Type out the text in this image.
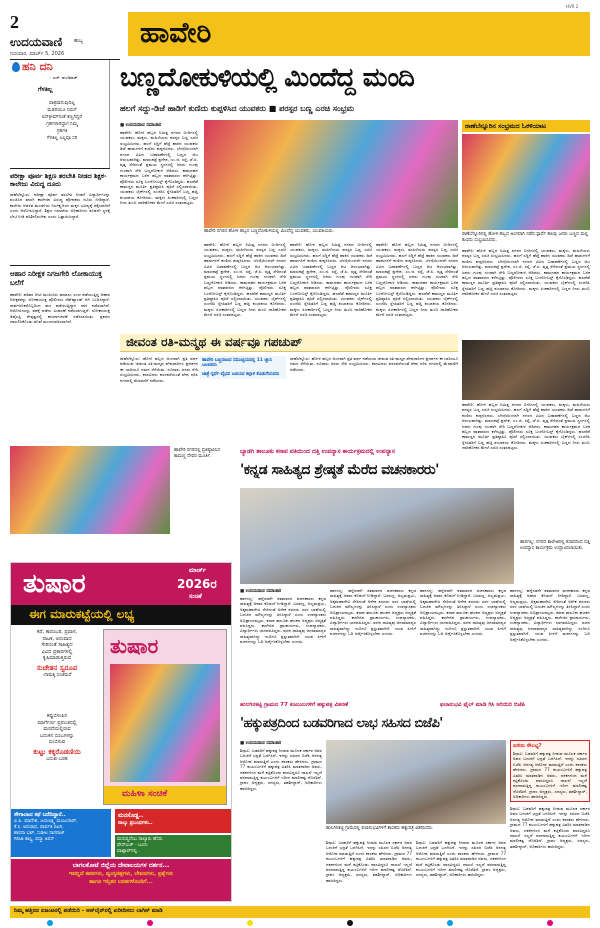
2
ಉದಯವಾಣಿ ಹುಬ್ಬ
ಗುರುವಾರ, ಮಾರ್ಚ್ 5, 2026
ಹಾವೇರಿ
HVR 2
ಹನಿ ದನಿ
- ಎಚ್. ಡುಂಡಿರಾಜ್
ಗೆಳತಿಲ್ಲ
ಪಾತ್ರವಾಗುವುದಿಲ್ಲ
ಮಡದಿಯೂ ನಿಮಗೆ
ಐಸ್‌ಕ್ರೀಮ್‌ನಂತೆ ತಣ್ಣಗಿದ್ದರೆ
ಗ್ರಹಗಳಾಗಿದ್ದಾಗ ನಿಮ್ಮ
ಗ್ರಹಗತಿ
ಗೆಳತಿಲ್ಲ ಎಲ್ಲವೂ ಸರಿ
ಬಣ್ಣದೋಕುಳಿಯಲ್ಲಿ ಮಿಂದೆದ್ದ ಮಂದಿ
ಹಲಗೆ ಸದ್ದು-ಡಿಜೆ ಹಾಡಿಗೆ ಕುಣಿದು ಕುಪ್ಪಳಿಸಿದ ಯುವಕರು ■ ಪರಸ್ಪರ ಬಣ್ಣ ಎರಚಿ ಸಂಭ್ರಮ
ಪರೀಕ್ಷಾ ಪೂರ್ವ ಶಿಕ್ಷಣ ತರಬೇತಿ ನೀಡದ ಶಿಕ್ಷಕ-ಕಾಲೇಜು ವಿರುದ್ಧ ದೂರು
ರಾಣೆಬೆನ್ನೂರು: ಪರೀಕ್ಷಾ ಪೂರ್ವ ತರಬೇತಿ ನೀಡದೆ ವಿದ್ಯಾರ್ಥಿಗಳನ್ನು ವಂಚಿಸಿದ ಖಾಸಗಿ ಕಾಲೇಜಿನ ವಿರುದ್ಧ ಪೋಷಕರು ದೂರು ನೀಡಿದ್ದಾರೆ. ಕಾಲೇಜು ಆಡಳಿತ ಮಂಡಳಿಯ ನಿರ್ಲಕ್ಷ್ಯದಿಂದ ಮಕ್ಕಳ ಭವಿಷ್ಯಕ್ಕೆ ಧಕ್ಕೆಯಾಗಿದೆ ಎಂದು ಆರೋಪಿಸಿದ್ದಾರೆ. ಶಿಕ್ಷಣ ಇಲಾಖೆಯ ಅಧಿಕಾರಿಗಳು ಕೂಡಲೇ ಸ್ಥಳಕ್ಕೆ ಭೇಟಿ ನೀಡಿ ಪರಿಶೀಲಿಸಬೇಕು ಎಂದು ಒತ್ತಾಯಿಸಿದ್ದಾರೆ.
ಆಹಾರ ನಿರೀಕ್ಷಕ ನಿಗಜಗೇರಿ ಲೋಕಾಯುಕ್ತ ಬಲೆಗೆ
ಹಾವೇರಿ: ಪಡಿತರ ಚೀಟಿ ಮಂಜೂರು ಮಾಡಲು ಲಂಚ ಪಡೆಯುತ್ತಿದ್ದ ಆಹಾರ ನಿರೀಕ್ಷಕರನ್ನು ಲೋಕಾಯುಕ್ತ ಪೊಲೀಸರು ರೆಡ್‌ಹ್ಯಾಂಡ್ ಆಗಿ ಬಂಧಿಸಿದ್ದಾರೆ. ಸಾರ್ವಜನಿಕರೊಬ್ಬರಿಂದ ಹಣ ಪಡೆಯುತ್ತಿದ್ದಾಗ ದಾಳಿ ನಡೆಸಲಾಗಿದೆ. ಆರೋಪಿಯನ್ನು ವಶಕ್ಕೆ ಪಡೆದು ವಿಚಾರಣೆ ನಡೆಸಲಾಗುತ್ತಿದೆ. ಲೋಕಾಯುಕ್ತ ಡಿವೈಎಸ್ಪಿ ನೇತೃತ್ವದಲ್ಲಿ ಕಾರ್ಯಾಚರಣೆ ನಡೆಸಲಾಯಿತು. ಪ್ರಕರಣ ದಾಖಲಿಸಿಕೊಂಡು ತನಿಖೆ ಮುಂದುವರಿಸಲಾಗಿದೆ.
■ ಉದಯವಾಣಿ ಸಮಾಚಾರ
ಹಾವೇರಿ: ಹೋಳಿ ಹಬ್ಬದ ನಿಮಿತ್ತ ನಗರದ ಬೀದಿಗಳಲ್ಲಿ ಯುವಕರು, ಮಕ್ಕಳು, ಮಹಿಳೆಯರು ಪರಸ್ಪರ ಬಣ್ಣ ಎರಚಿ ಸಂಭ್ರಮಿಸಿದರು. ಹಲಗೆ ಸದ್ದಿಗೆ ಹೆಜ್ಜೆ ಹಾಕಿದ ಯುವಕರು ಡಿಜೆ ಹಾಡುಗಳಿಗೆ ಕುಣಿದು ಕುಪ್ಪಳಿಸಿದರು. ಬೆಳಗ್ಗೆಯಿಂದಲೇ ನಗರದ ವಿವಿಧ ಬಡಾವಣೆಗಳಲ್ಲಿ ಬಣ್ಣದ ಆಟ ಆರಂಭವಾಗಿತ್ತು. ಮಾರುಕಟ್ಟೆ ಪ್ರದೇಶ, ಎಂ.ಜಿ. ರಸ್ತೆ, ಜೆ.ಪಿ. ವೃತ್ತ ಸೇರಿದಂತೆ ಪ್ರಮುಖ ಸ್ಥಳಗಳಲ್ಲಿ ಜನರು ಗುಂಪು ಗುಂಪಾಗಿ ಸೇರಿ ಬಣ್ಣದೋಕುಳಿ ಆಡಿದರು. ಕಾಮದಹನ ಕಾರ್ಯಕ್ರಮದ ಬಳಿಕ ಹಬ್ಬದ ವಾತಾವರಣ ಕಳೆಗಟ್ಟಿತ್ತು. ಪೊಲೀಸರು ಸೂಕ್ತ ಬಂದೋಬಸ್ತ್ ಕೈಗೊಂಡಿದ್ದರು. ಹಲವೆಡೆ ಕಾಮಣ್ಣನ ಮೂರ್ತಿ ಪ್ರತಿಷ್ಠಾಪಿಸಿ ಪೂಜೆ ಸಲ್ಲಿಸಲಾಯಿತು. ಯುವಕರು ಬೈಕ್‌ಗಳಲ್ಲಿ ಸಂಚರಿಸಿ ಸ್ನೇಹಿತರಿಗೆ ಬಣ್ಣ ಹಚ್ಚಿ ಶುಭಾಶಯ ಕೋರಿದರು. ಮಕ್ಕಳು ಪಿಚಕಾರಿಗಳಲ್ಲಿ ಬಣ್ಣದ ನೀರು ತುಂಬಿ ದಾರಿಹೋಕರ ಮೇಲೆ ಎರಚಿ ಸಂತಸಪಟ್ಟರು.
ಹಾವೇರಿ ನಗರದ ಹೋಳಿ ಹಬ್ಬದ ಬಣ್ಣದೋಕುಳಿಯಲ್ಲಿ ಮಿಂದೆದ್ದ ಯುವಕರು, ಯುವತಿಯರು.
ರಾಣೆಬೆನ್ನೂರಿನ ಸಂಭ್ರಮದ ಓಕಳಿಯಾಟ
ರಾಣೆಬೆನ್ನೂರಿನಲ್ಲಿ ಹೋಳಿ ಹಬ್ಬದ ಅಂಗವಾಗಿ ನಡೆದ ಸ್ಪಾರ್ಧೆ ಹಲವು ಜನರು ಬಣ್ಣದ ಮಲ್ಲಿ ಕುಣಿದು ಸಂಭ್ರಮಿಸಿದರು.
ಹಾವೇರಿ: ಹೋಳಿ ಹಬ್ಬದ ನಿಮಿತ್ತ ನಗರದ ಬೀದಿಗಳಲ್ಲಿ ಯುವಕರು, ಮಕ್ಕಳು, ಮಹಿಳೆಯರು ಪರಸ್ಪರ ಬಣ್ಣ ಎರಚಿ ಸಂಭ್ರಮಿಸಿದರು. ಹಲಗೆ ಸದ್ದಿಗೆ ಹೆಜ್ಜೆ ಹಾಕಿದ ಯುವಕರು ಡಿಜೆ ಹಾಡುಗಳಿಗೆ ಕುಣಿದು ಕುಪ್ಪಳಿಸಿದರು. ಬೆಳಗ್ಗೆಯಿಂದಲೇ ನಗರದ ವಿವಿಧ ಬಡಾವಣೆಗಳಲ್ಲಿ ಬಣ್ಣದ ಆಟ ಆರಂಭವಾಗಿತ್ತು. ಮಾರುಕಟ್ಟೆ ಪ್ರದೇಶ, ಎಂ.ಜಿ. ರಸ್ತೆ, ಜೆ.ಪಿ. ವೃತ್ತ ಸೇರಿದಂತೆ ಪ್ರಮುಖ ಸ್ಥಳಗಳಲ್ಲಿ ಜನರು ಗುಂಪು ಗುಂಪಾಗಿ ಸೇರಿ ಬಣ್ಣದೋಕುಳಿ ಆಡಿದರು. ಕಾಮದಹನ ಕಾರ್ಯಕ್ರಮದ ಬಳಿಕ ಹಬ್ಬದ ವಾತಾವರಣ ಕಳೆಗಟ್ಟಿತ್ತು. ಪೊಲೀಸರು ಸೂಕ್ತ ಬಂದೋಬಸ್ತ್ ಕೈಗೊಂಡಿದ್ದರು. ಹಲವೆಡೆ ಕಾಮಣ್ಣನ ಮೂರ್ತಿ ಪ್ರತಿಷ್ಠಾಪಿಸಿ ಪೂಜೆ ಸಲ್ಲಿಸಲಾಯಿತು. ಯುವಕರು ಬೈಕ್‌ಗಳಲ್ಲಿ ಸಂಚರಿಸಿ ಸ್ನೇಹಿತರಿಗೆ ಬಣ್ಣ ಹಚ್ಚಿ ಶುಭಾಶಯ ಕೋರಿದರು. ಮಕ್ಕಳು ಪಿಚಕಾರಿಗಳಲ್ಲಿ ಬಣ್ಣದ ನೀರು ತುಂಬಿ ದಾರಿಹೋಕರ ಮೇಲೆ ಎರಚಿ ಸಂತಸಪಟ್ಟರು.
ಹಾವೇರಿ: ಹೋಳಿ ಹಬ್ಬದ ನಿಮಿತ್ತ ನಗರದ ಬೀದಿಗಳಲ್ಲಿ ಯುವಕರು, ಮಕ್ಕಳು, ಮಹಿಳೆಯರು ಪರಸ್ಪರ ಬಣ್ಣ ಎರಚಿ ಸಂಭ್ರಮಿಸಿದರು. ಹಲಗೆ ಸದ್ದಿಗೆ ಹೆಜ್ಜೆ ಹಾಕಿದ ಯುವಕರು ಡಿಜೆ ಹಾಡುಗಳಿಗೆ ಕುಣಿದು ಕುಪ್ಪಳಿಸಿದರು. ಬೆಳಗ್ಗೆಯಿಂದಲೇ ನಗರದ ವಿವಿಧ ಬಡಾವಣೆಗಳಲ್ಲಿ ಬಣ್ಣದ ಆಟ ಆರಂಭವಾಗಿತ್ತು. ಮಾರುಕಟ್ಟೆ ಪ್ರದೇಶ, ಎಂ.ಜಿ. ರಸ್ತೆ, ಜೆ.ಪಿ. ವೃತ್ತ ಸೇರಿದಂತೆ ಪ್ರಮುಖ ಸ್ಥಳಗಳಲ್ಲಿ ಜನರು ಗುಂಪು ಗುಂಪಾಗಿ ಸೇರಿ ಬಣ್ಣದೋಕುಳಿ ಆಡಿದರು. ಕಾಮದಹನ ಕಾರ್ಯಕ್ರಮದ ಬಳಿಕ ಹಬ್ಬದ ವಾತಾವರಣ ಕಳೆಗಟ್ಟಿತ್ತು. ಪೊಲೀಸರು ಸೂಕ್ತ ಬಂದೋಬಸ್ತ್ ಕೈಗೊಂಡಿದ್ದರು. ಹಲವೆಡೆ ಕಾಮಣ್ಣನ ಮೂರ್ತಿ ಪ್ರತಿಷ್ಠಾಪಿಸಿ ಪೂಜೆ ಸಲ್ಲಿಸಲಾಯಿತು. ಯುವಕರು ಬೈಕ್‌ಗಳಲ್ಲಿ ಸಂಚರಿಸಿ ಸ್ನೇಹಿತರಿಗೆ ಬಣ್ಣ ಹಚ್ಚಿ ಶುಭಾಶಯ ಕೋರಿದರು. ಮಕ್ಕಳು ಪಿಚಕಾರಿಗಳಲ್ಲಿ ಬಣ್ಣದ ನೀರು ತುಂಬಿ ದಾರಿಹೋಕರ ಮೇಲೆ ಎರಚಿ ಸಂತಸಪಟ್ಟರು.
ಹಾವೇರಿ: ಹೋಳಿ ಹಬ್ಬದ ನಿಮಿತ್ತ ನಗರದ ಬೀದಿಗಳಲ್ಲಿ ಯುವಕರು, ಮಕ್ಕಳು, ಮಹಿಳೆಯರು ಪರಸ್ಪರ ಬಣ್ಣ ಎರಚಿ ಸಂಭ್ರಮಿಸಿದರು. ಹಲಗೆ ಸದ್ದಿಗೆ ಹೆಜ್ಜೆ ಹಾಕಿದ ಯುವಕರು ಡಿಜೆ ಹಾಡುಗಳಿಗೆ ಕುಣಿದು ಕುಪ್ಪಳಿಸಿದರು. ಬೆಳಗ್ಗೆಯಿಂದಲೇ ನಗರದ ವಿವಿಧ ಬಡಾವಣೆಗಳಲ್ಲಿ ಬಣ್ಣದ ಆಟ ಆರಂಭವಾಗಿತ್ತು. ಮಾರುಕಟ್ಟೆ ಪ್ರದೇಶ, ಎಂ.ಜಿ. ರಸ್ತೆ, ಜೆ.ಪಿ. ವೃತ್ತ ಸೇರಿದಂತೆ ಪ್ರಮುಖ ಸ್ಥಳಗಳಲ್ಲಿ ಜನರು ಗುಂಪು ಗುಂಪಾಗಿ ಸೇರಿ ಬಣ್ಣದೋಕುಳಿ ಆಡಿದರು. ಕಾಮದಹನ ಕಾರ್ಯಕ್ರಮದ ಬಳಿಕ ಹಬ್ಬದ ವಾತಾವರಣ ಕಳೆಗಟ್ಟಿತ್ತು. ಪೊಲೀಸರು ಸೂಕ್ತ ಬಂದೋಬಸ್ತ್ ಕೈಗೊಂಡಿದ್ದರು. ಹಲವೆಡೆ ಕಾಮಣ್ಣನ ಮೂರ್ತಿ ಪ್ರತಿಷ್ಠಾಪಿಸಿ ಪೂಜೆ ಸಲ್ಲಿಸಲಾಯಿತು. ಯುವಕರು ಬೈಕ್‌ಗಳಲ್ಲಿ ಸಂಚರಿಸಿ ಸ್ನೇಹಿತರಿಗೆ ಬಣ್ಣ ಹಚ್ಚಿ ಶುಭಾಶಯ ಕೋರಿದರು. ಮಕ್ಕಳು ಪಿಚಕಾರಿಗಳಲ್ಲಿ ಬಣ್ಣದ ನೀರು ತುಂಬಿ ದಾರಿಹೋಕರ ಮೇಲೆ ಎರಚಿ ಸಂತಸಪಟ್ಟರು.
ಹಾವೇರಿ: ಹೋಳಿ ಹಬ್ಬದ ನಿಮಿತ್ತ ನಗರದ ಬೀದಿಗಳಲ್ಲಿ ಯುವಕರು, ಮಕ್ಕಳು, ಮಹಿಳೆಯರು ಪರಸ್ಪರ ಬಣ್ಣ ಎರಚಿ ಸಂಭ್ರಮಿಸಿದರು. ಹಲಗೆ ಸದ್ದಿಗೆ ಹೆಜ್ಜೆ ಹಾಕಿದ ಯುವಕರು ಡಿಜೆ ಹಾಡುಗಳಿಗೆ ಕುಣಿದು ಕುಪ್ಪಳಿಸಿದರು. ಬೆಳಗ್ಗೆಯಿಂದಲೇ ನಗರದ ವಿವಿಧ ಬಡಾವಣೆಗಳಲ್ಲಿ ಬಣ್ಣದ ಆಟ ಆರಂಭವಾಗಿತ್ತು. ಮಾರುಕಟ್ಟೆ ಪ್ರದೇಶ, ಎಂ.ಜಿ. ರಸ್ತೆ, ಜೆ.ಪಿ. ವೃತ್ತ ಸೇರಿದಂತೆ ಪ್ರಮುಖ ಸ್ಥಳಗಳಲ್ಲಿ ಜನರು ಗುಂಪು ಗುಂಪಾಗಿ ಸೇರಿ ಬಣ್ಣದೋಕುಳಿ ಆಡಿದರು. ಕಾಮದಹನ ಕಾರ್ಯಕ್ರಮದ ಬಳಿಕ ಹಬ್ಬದ ವಾತಾವರಣ ಕಳೆಗಟ್ಟಿತ್ತು. ಪೊಲೀಸರು ಸೂಕ್ತ ಬಂದೋಬಸ್ತ್ ಕೈಗೊಂಡಿದ್ದರು. ಹಲವೆಡೆ ಕಾಮಣ್ಣನ ಮೂರ್ತಿ ಪ್ರತಿಷ್ಠಾಪಿಸಿ ಪೂಜೆ ಸಲ್ಲಿಸಲಾಯಿತು. ಯುವಕರು ಬೈಕ್‌ಗಳಲ್ಲಿ ಸಂಚರಿಸಿ ಸ್ನೇಹಿತರಿಗೆ ಬಣ್ಣ ಹಚ್ಚಿ ಶುಭಾಶಯ ಕೋರಿದರು. ಮಕ್ಕಳು ಪಿಚಕಾರಿಗಳಲ್ಲಿ ಬಣ್ಣದ ನೀರು ತುಂಬಿ ದಾರಿಹೋಕರ ಮೇಲೆ ಎರಚಿ ಸಂತಸಪಟ್ಟರು.
ಹಾವೇರಿ: ಹೋಳಿ ಹಬ್ಬದ ನಿಮಿತ್ತ ನಗರದ ಬೀದಿಗಳಲ್ಲಿ ಯುವಕರು, ಮಕ್ಕಳು, ಮಹಿಳೆಯರು ಪರಸ್ಪರ ಬಣ್ಣ ಎರಚಿ ಸಂಭ್ರಮಿಸಿದರು. ಹಲಗೆ ಸದ್ದಿಗೆ ಹೆಜ್ಜೆ ಹಾಕಿದ ಯುವಕರು ಡಿಜೆ ಹಾಡುಗಳಿಗೆ ಕುಣಿದು ಕುಪ್ಪಳಿಸಿದರು. ಬೆಳಗ್ಗೆಯಿಂದಲೇ ನಗರದ ವಿವಿಧ ಬಡಾವಣೆಗಳಲ್ಲಿ ಬಣ್ಣದ ಆಟ ಆರಂಭವಾಗಿತ್ತು. ಮಾರುಕಟ್ಟೆ ಪ್ರದೇಶ, ಎಂ.ಜಿ. ರಸ್ತೆ, ಜೆ.ಪಿ. ವೃತ್ತ ಸೇರಿದಂತೆ ಪ್ರಮುಖ ಸ್ಥಳಗಳಲ್ಲಿ ಜನರು ಗುಂಪು ಗುಂಪಾಗಿ ಸೇರಿ ಬಣ್ಣದೋಕುಳಿ ಆಡಿದರು. ಕಾಮದಹನ ಕಾರ್ಯಕ್ರಮದ ಬಳಿಕ ಹಬ್ಬದ ವಾತಾವರಣ ಕಳೆಗಟ್ಟಿತ್ತು. ಪೊಲೀಸರು ಸೂಕ್ತ ಬಂದೋಬಸ್ತ್ ಕೈಗೊಂಡಿದ್ದರು. ಹಲವೆಡೆ ಕಾಮಣ್ಣನ ಮೂರ್ತಿ ಪ್ರತಿಷ್ಠಾಪಿಸಿ ಪೂಜೆ ಸಲ್ಲಿಸಲಾಯಿತು. ಯುವಕರು ಬೈಕ್‌ಗಳಲ್ಲಿ ಸಂಚರಿಸಿ ಸ್ನೇಹಿತರಿಗೆ ಬಣ್ಣ ಹಚ್ಚಿ ಶುಭಾಶಯ ಕೋರಿದರು. ಮಕ್ಕಳು ಪಿಚಕಾರಿಗಳಲ್ಲಿ ಬಣ್ಣದ ನೀರು ತುಂಬಿ ದಾರಿಹೋಕರ ಮೇಲೆ ಎರಚಿ ಸಂತಸಪಟ್ಟರು.
ಜೀವಂತ ರತಿ-ಮನ್ಮಥ ಈ ವರ್ಷವೂ ಗಪಚುಪ್
ಹಾವೇರಿ ಬಣ್ಣದಾಟದ ಸಮುಚ್ಚಯದಲ್ಲಿ 11 ಜ್ಞಾನಿ ಜಲಚರರು
ಜಾತ್ರೆ-ಸ್ಪರ್ಧೆ-ವೈಭವ ಜಯಿಸಿದ ಕಲ್ಗಾಳಿ ಕೊಡುಗೆಯವರು
ರಾಣೆಬೆನ್ನೂರು: ಹೋಳಿ ಹಬ್ಬದ ಅಂಗವಾಗಿ ಪ್ರತಿ ವರ್ಷ ನಡೆಯುವ ಜೀವಂತ ರತಿ-ಮನ್ಮಥ ವೇಷಧಾರಿಗಳ ಪ್ರದರ್ಶನ ಈ ಬಾರಿಯೂ ಗಮನ ಸೆಳೆಯಿತು. ನೂರಾರು ಜನರು ಸೇರಿ ಸಂಭ್ರಮಿಸಿದರು. ಕಲಾವಿದರು ಪರಂಪರೆಯಂತೆ ವೇಷ ಧರಿಸಿ ನಗರದಲ್ಲಿ ಮೆರವಣಿಗೆ ನಡೆಸಿದರು.
ರಾಣೆಬೆನ್ನೂರು: ಹೋಳಿ ಹಬ್ಬದ ಅಂಗವಾಗಿ ಪ್ರತಿ ವರ್ಷ ನಡೆಯುವ ಜೀವಂತ ರತಿ-ಮನ್ಮಥ ವೇಷಧಾರಿಗಳ ಪ್ರದರ್ಶನ ಈ ಬಾರಿಯೂ ಗಮನ ಸೆಳೆಯಿತು. ನೂರಾರು ಜನರು ಸೇರಿ ಸಂಭ್ರಮಿಸಿದರು. ಕಲಾವಿದರು ಪರಂಪರೆಯಂತೆ ವೇಷ ಧರಿಸಿ ನಗರದಲ್ಲಿ ಮೆರವಣಿಗೆ ನಡೆಸಿದರು.
ಹಾವೇರಿ ನಗರದಲ್ಲಿ ಪ್ರತಿಷ್ಠಾಪಿಸಿದ ಕಾಮಣ್ಣ ದೇವರ ಮೂರ್ತಿ.
ಬ್ಯಾಡಗಿ ತಾಲೂಕು ಕಸಾಪ ವತಿಯಿಂದ ದತ್ತಿ ಉಪನ್ಯಾಸ ಕಾರ್ಯಕ್ರಮದಲ್ಲಿ ಉಪನ್ಯಾಸ
'ಕನ್ನಡ ಸಾಹಿತ್ಯದ ಶ್ರೇಷ್ಠತೆ ಮೆರೆದ ವಚನಕಾರರು'
ಹಾನಗಲ್ಲ: ನಗರದ ಕಾಲೇಜಿನಲ್ಲಿ ಕಸಾಪದಿಂದ ದತ್ತಿ ಉಪನ್ಯಾಸ ಕಾರ್ಯಕ್ರಮ ಉದ್ಘಾಟಿಸಲಾಯಿತು.
■ ಉದಯವಾಣಿ ಸಮಾಚಾರ
ಹಾನಗಲ್ಲ: ಹನ್ನೆರಡನೇ ಶತಮಾನದ ವಚನಕಾರರು ಕನ್ನಡ ಸಾಹಿತ್ಯಕ್ಕೆ ಅಪಾರ ಕೊಡುಗೆ ನೀಡಿದ್ದಾರೆ. ಬಸವಣ್ಣ, ಅಲ್ಲಮಪ್ರಭು, ಅಕ್ಕಮಹಾದೇವಿ ಸೇರಿದಂತೆ ಅನೇಕ ಶರಣರು ಸರಳ ಭಾಷೆಯಲ್ಲಿ ಬದುಕಿನ ಮೌಲ್ಯಗಳನ್ನು ತಿಳಿಸಿದ್ದಾರೆ ಎಂದು ಉಪನ್ಯಾಸಕರು ಅಭಿಪ್ರಾಯಪಟ್ಟರು. ಕಸಾಪ ತಾಲೂಕು ಘಟಕದ ಅಧ್ಯಕ್ಷರು ಅಧ್ಯಕ್ಷತೆ ವಹಿಸಿದ್ದರು. ಕಾಲೇಜಿನ ಪ್ರಾಚಾರ್ಯರು, ಉಪನ್ಯಾಸಕರು, ವಿದ್ಯಾರ್ಥಿಗಳು ಭಾಗವಹಿಸಿದ್ದರು. ವಚನ ಸಾಹಿತ್ಯವು ಜನಸಾಮಾನ್ಯರ ಸಾಹಿತ್ಯವಾಗಿದ್ದು ಇಂದಿಗೂ ಪ್ರಸ್ತುತವಾಗಿದೆ. ಯುವ ಪೀಳಿಗೆ ವಚನಗಳನ್ನು ಓದಿ ಅರ್ಥೈಸಿಕೊಳ್ಳಬೇಕು ಎಂದರು.
ಹಾನಗಲ್ಲ: ಹನ್ನೆರಡನೇ ಶತಮಾನದ ವಚನಕಾರರು ಕನ್ನಡ ಸಾಹಿತ್ಯಕ್ಕೆ ಅಪಾರ ಕೊಡುಗೆ ನೀಡಿದ್ದಾರೆ. ಬಸವಣ್ಣ, ಅಲ್ಲಮಪ್ರಭು, ಅಕ್ಕಮಹಾದೇವಿ ಸೇರಿದಂತೆ ಅನೇಕ ಶರಣರು ಸರಳ ಭಾಷೆಯಲ್ಲಿ ಬದುಕಿನ ಮೌಲ್ಯಗಳನ್ನು ತಿಳಿಸಿದ್ದಾರೆ ಎಂದು ಉಪನ್ಯಾಸಕರು ಅಭಿಪ್ರಾಯಪಟ್ಟರು. ಕಸಾಪ ತಾಲೂಕು ಘಟಕದ ಅಧ್ಯಕ್ಷರು ಅಧ್ಯಕ್ಷತೆ ವಹಿಸಿದ್ದರು. ಕಾಲೇಜಿನ ಪ್ರಾಚಾರ್ಯರು, ಉಪನ್ಯಾಸಕರು, ವಿದ್ಯಾರ್ಥಿಗಳು ಭಾಗವಹಿಸಿದ್ದರು. ವಚನ ಸಾಹಿತ್ಯವು ಜನಸಾಮಾನ್ಯರ ಸಾಹಿತ್ಯವಾಗಿದ್ದು ಇಂದಿಗೂ ಪ್ರಸ್ತುತವಾಗಿದೆ. ಯುವ ಪೀಳಿಗೆ ವಚನಗಳನ್ನು ಓದಿ ಅರ್ಥೈಸಿಕೊಳ್ಳಬೇಕು ಎಂದರು.
ಹಾನಗಲ್ಲ: ಹನ್ನೆರಡನೇ ಶತಮಾನದ ವಚನಕಾರರು ಕನ್ನಡ ಸಾಹಿತ್ಯಕ್ಕೆ ಅಪಾರ ಕೊಡುಗೆ ನೀಡಿದ್ದಾರೆ. ಬಸವಣ್ಣ, ಅಲ್ಲಮಪ್ರಭು, ಅಕ್ಕಮಹಾದೇವಿ ಸೇರಿದಂತೆ ಅನೇಕ ಶರಣರು ಸರಳ ಭಾಷೆಯಲ್ಲಿ ಬದುಕಿನ ಮೌಲ್ಯಗಳನ್ನು ತಿಳಿಸಿದ್ದಾರೆ ಎಂದು ಉಪನ್ಯಾಸಕರು ಅಭಿಪ್ರಾಯಪಟ್ಟರು. ಕಸಾಪ ತಾಲೂಕು ಘಟಕದ ಅಧ್ಯಕ್ಷರು ಅಧ್ಯಕ್ಷತೆ ವಹಿಸಿದ್ದರು. ಕಾಲೇಜಿನ ಪ್ರಾಚಾರ್ಯರು, ಉಪನ್ಯಾಸಕರು, ವಿದ್ಯಾರ್ಥಿಗಳು ಭಾಗವಹಿಸಿದ್ದರು. ವಚನ ಸಾಹಿತ್ಯವು ಜನಸಾಮಾನ್ಯರ ಸಾಹಿತ್ಯವಾಗಿದ್ದು ಇಂದಿಗೂ ಪ್ರಸ್ತುತವಾಗಿದೆ. ಯುವ ಪೀಳಿಗೆ ವಚನಗಳನ್ನು ಓದಿ ಅರ್ಥೈಸಿಕೊಳ್ಳಬೇಕು ಎಂದರು.
ಹಾನಗಲ್ಲ: ಹನ್ನೆರಡನೇ ಶತಮಾನದ ವಚನಕಾರರು ಕನ್ನಡ ಸಾಹಿತ್ಯಕ್ಕೆ ಅಪಾರ ಕೊಡುಗೆ ನೀಡಿದ್ದಾರೆ. ಬಸವಣ್ಣ, ಅಲ್ಲಮಪ್ರಭು, ಅಕ್ಕಮಹಾದೇವಿ ಸೇರಿದಂತೆ ಅನೇಕ ಶರಣರು ಸರಳ ಭಾಷೆಯಲ್ಲಿ ಬದುಕಿನ ಮೌಲ್ಯಗಳನ್ನು ತಿಳಿಸಿದ್ದಾರೆ ಎಂದು ಉಪನ್ಯಾಸಕರು ಅಭಿಪ್ರಾಯಪಟ್ಟರು. ಕಸಾಪ ತಾಲೂಕು ಘಟಕದ ಅಧ್ಯಕ್ಷರು ಅಧ್ಯಕ್ಷತೆ ವಹಿಸಿದ್ದರು. ಕಾಲೇಜಿನ ಪ್ರಾಚಾರ್ಯರು, ಉಪನ್ಯಾಸಕರು, ವಿದ್ಯಾರ್ಥಿಗಳು ಭಾಗವಹಿಸಿದ್ದರು. ವಚನ ಸಾಹಿತ್ಯವು ಜನಸಾಮಾನ್ಯರ ಸಾಹಿತ್ಯವಾಗಿದ್ದು ಇಂದಿಗೂ ಪ್ರಸ್ತುತವಾಗಿದೆ. ಯುವ ಪೀಳಿಗೆ ವಚನಗಳನ್ನು ಓದಿ ಅರ್ಥೈಸಿಕೊಳ್ಳಬೇಕು ಎಂದರು.
ಹುಲಗಿನಕಟ್ಟಿ ಗ್ರಾಮದ 77 ಕುಟುಂಬಗಳಿಗೆ ಹಕ್ಕುಪತ್ರ ವಿತರಣೆ	ಫಲಾನುಭವಿ ಫೈಲ್ ಮಾಡಿ ಗಿಸಿ ಅರಿಯಿರಿ ಬಿಜೆಪಿ
'ಹಕ್ಕುಪತ್ರದಿಂದ ಬಡವರಿಗಾದ ಲಾಭ ಸಹಿಸದ ಬಿಜೆಪಿ'
■ ಉದಯವಾಣಿ ಸಮಾಚಾರ
ಶಿಗ್ಗಾವಿ: ಬಡವರಿಗೆ ಹಕ್ಕುಪತ್ರ ನೀಡುವ ಮೂಲಕ ಸರ್ಕಾರ ಅವರ ಬದುಕಿಗೆ ಭದ್ರತೆ ಒದಗಿಸಿದೆ. ಇದನ್ನು ಸಹಿಸದ ಬಿಜೆಪಿ ಅನಗತ್ಯ ಆರೋಪ ಮಾಡುತ್ತಿದೆ ಎಂದು ಶಾಸಕರು ಹೇಳಿದರು. ಗ್ರಾಮದ 77 ಕುಟುಂಬಗಳಿಗೆ ಹಕ್ಕುಪತ್ರ ವಿತರಿಸಿ ಮಾತನಾಡಿದ ಅವರು, ದಶಕಗಳಿಂದ ಮನೆ ಕಟ್ಟಿಕೊಂಡು ವಾಸವಿದ್ದರೂ ದಾಖಲೆ ಇಲ್ಲದೆ ಪರದಾಡುತ್ತಿದ್ದ ಕುಟುಂಬಗಳಿಗೆ ಇದೀಗ ಮಾಲೀಕತ್ವ ದೊರೆತಿದೆ. ಗ್ರಾಪಂ ಅಧ್ಯಕ್ಷರು, ಸದಸ್ಯರು, ತಹಶೀಲ್ದಾರ್, ಅಧಿಕಾರಿಗಳು ಹಾಜರಿದ್ದರು.
ಹುಲಗಿನಕಟ್ಟಿ ಗ್ರಾಮದಲ್ಲಿ ಫಲಾನುಭವಿಗಳಿಗೆ ಶಾಸಕರು ಹಕ್ಕುಪತ್ರ ವಿತರಿಸಿದರು.
ಶಿಗ್ಗಾವಿ: ಬಡವರಿಗೆ ಹಕ್ಕುಪತ್ರ ನೀಡುವ ಮೂಲಕ ಸರ್ಕಾರ ಅವರ ಬದುಕಿಗೆ ಭದ್ರತೆ ಒದಗಿಸಿದೆ. ಇದನ್ನು ಸಹಿಸದ ಬಿಜೆಪಿ ಅನಗತ್ಯ ಆರೋಪ ಮಾಡುತ್ತಿದೆ ಎಂದು ಶಾಸಕರು ಹೇಳಿದರು. ಗ್ರಾಮದ 77 ಕುಟುಂಬಗಳಿಗೆ ಹಕ್ಕುಪತ್ರ ವಿತರಿಸಿ ಮಾತನಾಡಿದ ಅವರು, ದಶಕಗಳಿಂದ ಮನೆ ಕಟ್ಟಿಕೊಂಡು ವಾಸವಿದ್ದರೂ ದಾಖಲೆ ಇಲ್ಲದೆ ಪರದಾಡುತ್ತಿದ್ದ ಕುಟುಂಬಗಳಿಗೆ ಇದೀಗ ಮಾಲೀಕತ್ವ ದೊರೆತಿದೆ. ಗ್ರಾಪಂ ಅಧ್ಯಕ್ಷರು, ಸದಸ್ಯರು, ತಹಶೀಲ್ದಾರ್, ಅಧಿಕಾರಿಗಳು ಹಾಜರಿದ್ದರು.
ಶಿಗ್ಗಾವಿ: ಬಡವರಿಗೆ ಹಕ್ಕುಪತ್ರ ನೀಡುವ ಮೂಲಕ ಸರ್ಕಾರ ಅವರ ಬದುಕಿಗೆ ಭದ್ರತೆ ಒದಗಿಸಿದೆ. ಇದನ್ನು ಸಹಿಸದ ಬಿಜೆಪಿ ಅನಗತ್ಯ ಆರೋಪ ಮಾಡುತ್ತಿದೆ ಎಂದು ಶಾಸಕರು ಹೇಳಿದರು. ಗ್ರಾಮದ 77 ಕುಟುಂಬಗಳಿಗೆ ಹಕ್ಕುಪತ್ರ ವಿತರಿಸಿ ಮಾತನಾಡಿದ ಅವರು, ದಶಕಗಳಿಂದ ಮನೆ ಕಟ್ಟಿಕೊಂಡು ವಾಸವಿದ್ದರೂ ದಾಖಲೆ ಇಲ್ಲದೆ ಪರದಾಡುತ್ತಿದ್ದ ಕುಟುಂಬಗಳಿಗೆ ಇದೀಗ ಮಾಲೀಕತ್ವ ದೊರೆತಿದೆ. ಗ್ರಾಪಂ ಅಧ್ಯಕ್ಷರು, ಸದಸ್ಯರು, ತಹಶೀಲ್ದಾರ್, ಅಧಿಕಾರಿಗಳು ಹಾಜರಿದ್ದರು.
ಏನೇನು ಸೌಲಭ್ಯ?
ಶಿಗ್ಗಾವಿ: ಬಡವರಿಗೆ ಹಕ್ಕುಪತ್ರ ನೀಡುವ ಮೂಲಕ ಸರ್ಕಾರ ಅವರ ಬದುಕಿಗೆ ಭದ್ರತೆ ಒದಗಿಸಿದೆ. ಇದನ್ನು ಸಹಿಸದ ಬಿಜೆಪಿ ಅನಗತ್ಯ ಆರೋಪ ಮಾಡುತ್ತಿದೆ ಎಂದು ಶಾಸಕರು ಹೇಳಿದರು. ಗ್ರಾಮದ 77 ಕುಟುಂಬಗಳಿಗೆ ಹಕ್ಕುಪತ್ರ ವಿತರಿಸಿ ಮಾತನಾಡಿದ ಅವರು, ದಶಕಗಳಿಂದ ಮನೆ ಕಟ್ಟಿಕೊಂಡು ವಾಸವಿದ್ದರೂ ದಾಖಲೆ ಇಲ್ಲದೆ ಪರದಾಡುತ್ತಿದ್ದ ಕುಟುಂಬಗಳಿಗೆ ಇದೀಗ ಮಾಲೀಕತ್ವ ದೊರೆತಿದೆ. ಗ್ರಾಪಂ ಅಧ್ಯಕ್ಷರು, ಸದಸ್ಯರು, ತಹಶೀಲ್ದಾರ್, ಅಧಿಕಾರಿಗಳು ಹಾಜರಿದ್ದರು.
ಶಿಗ್ಗಾವಿ: ಬಡವರಿಗೆ ಹಕ್ಕುಪತ್ರ ನೀಡುವ ಮೂಲಕ ಸರ್ಕಾರ ಅವರ ಬದುಕಿಗೆ ಭದ್ರತೆ ಒದಗಿಸಿದೆ. ಇದನ್ನು ಸಹಿಸದ ಬಿಜೆಪಿ ಅನಗತ್ಯ ಆರೋಪ ಮಾಡುತ್ತಿದೆ ಎಂದು ಶಾಸಕರು ಹೇಳಿದರು. ಗ್ರಾಮದ 77 ಕುಟುಂಬಗಳಿಗೆ ಹಕ್ಕುಪತ್ರ ವಿತರಿಸಿ ಮಾತನಾಡಿದ ಅವರು, ದಶಕಗಳಿಂದ ಮನೆ ಕಟ್ಟಿಕೊಂಡು ವಾಸವಿದ್ದರೂ ದಾಖಲೆ ಇಲ್ಲದೆ ಪರದಾಡುತ್ತಿದ್ದ ಕುಟುಂಬಗಳಿಗೆ ಇದೀಗ ಮಾಲೀಕತ್ವ ದೊರೆತಿದೆ. ಗ್ರಾಪಂ ಅಧ್ಯಕ್ಷರು, ಸದಸ್ಯರು, ತಹಶೀಲ್ದಾರ್, ಅಧಿಕಾರಿಗಳು ಹಾಜರಿದ್ದರು.
ತುಷಾರ	ಮಾರ್ಚ್
2026ರ
ಸಂಚಿಕೆ
ಈಗ ಮಾರುಕಟ್ಟೆಯಲ್ಲಿ ಲಭ್ಯ
ಕಥೆ, ಕಾದಂಬರಿ, ಪ್ರವಾಸ,
ನಾಟಕ, ಅನುವಾದ
ಸೇರಿದಂತೆ ಸಾಹಿತ್ಯದ
ವಿವಿಧ ಪ್ರಕಾರಗಳಲ್ಲಿ
ಕೃಷಿಮಾಡುತ್ತಿರುವ
ಸುಚೇತನ ಸ್ವರೂಪ
-ನಾಮಕ್ಕ ಸಂಜೆಮನೆ
ಕಪ್ಪುಬಿಳುಪಿನ
ಮಾರ್ಗೆರ್ಣ ಪ್ರಪಂಚದಲ್ಲಿ
ಮರದೆಯಲ್ಲಿರುವ
ಬದುಕಿನ ಬಿಂಬಗಳನ್ನು
ಬಿಂಬಿಸುವ
ಕುಟ್ಟು ಕಕ್ಕರೊಡಣಿಯ
ಬದುಕು-ಬರಹ
ತುಷಾರ
ಮಹಿಳಾ ಸಂಚಿಕೆ
ಸೌಗಾಲಾದ ಕಥೆ ಬರೆದಿದ್ದಾರೆ..
ವಿ.ಪಿ. ಮಾದೇಶ, ಜಯಲಕ್ಷ್ಮಿ ಮಂಜುನಾಥ್,
ಕೆ.ಸಿ. ಅನುರಾಧ, ಪಾರ್ವತಿ ಪಿಟಗಿ,
ಶಾರದಾ ಭಟ್, ಸುಶೀಲ ನಾಗರಾಜ್
ಗಿರಿಜಾ ಶಾಸ್ತ್ರಿ, ಪದ್ಮಾ ಅರಸ್
ಮನಸೊಡ್ಡ..
ನಾಲ್ಕು ಪ್ರಬಂಧಗಳು..
ಮನುಷ್ಯನೆಂಬ ನಾಲ್ಕಾರು ಹೆಸರು
ಫೇಸ್‌ಬುಕ್ - ಬಂದು
ವಾಟ್ಸಾಪ್‌ನಲ್ಲಿ..
ಬಾಗಲಕೋಟೆ ಜಿಲ್ಲೆಯ ದೇವಾಲಯಗಳ ದರ್ಶನ...
ಇವಲ್ಲದೆ ಕವನಗಳು, ವ್ಯಂಗ್ಯಚಿತ್ರಗಳು, ಲೇಖನಗಳು, ಪ್ರಶ್ನೆಗಳು
ಹಾಗೂ ಇನ್ನಿತರ ಬರಹಗಳೊಂದಿಗೆ...
ನಿಮ್ಮ ಹತ್ತಿರದ ಏಜಂಟರಲ್ಲಿ ಪಡೆಯಿರಿ - ಆನ್‌ಲೈನ್‌ನಲ್ಲಿ ಖರೀದಿಸಲು ಲಾಗಿನ್ ಮಾಡಿ
